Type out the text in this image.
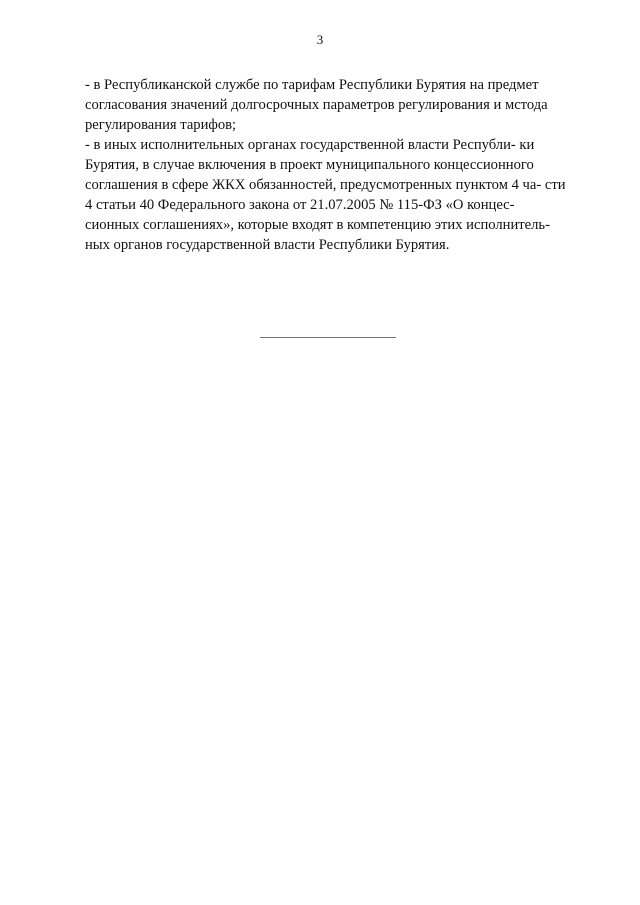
3
- в Республиканской службе по тарифам Республики Бурятия на предмет согласования значений долгосрочных параметров регулирования и мстода регулирования тарифов;
- в иных исполнительных органах государственной власти Республи- ки Бурятия, в случае включения в проект муниципального концессионного соглашения в сфере ЖКХ обязанностей, предусмотренных пунктом 4 ча- сти 4 статьи 40 Федерального закона от 21.07.2005 № 115-ФЗ «О концес- сионных соглашениях», которые входят в компетенцию этих исполнитель- ных органов государственной власти Республики Бурятия.
